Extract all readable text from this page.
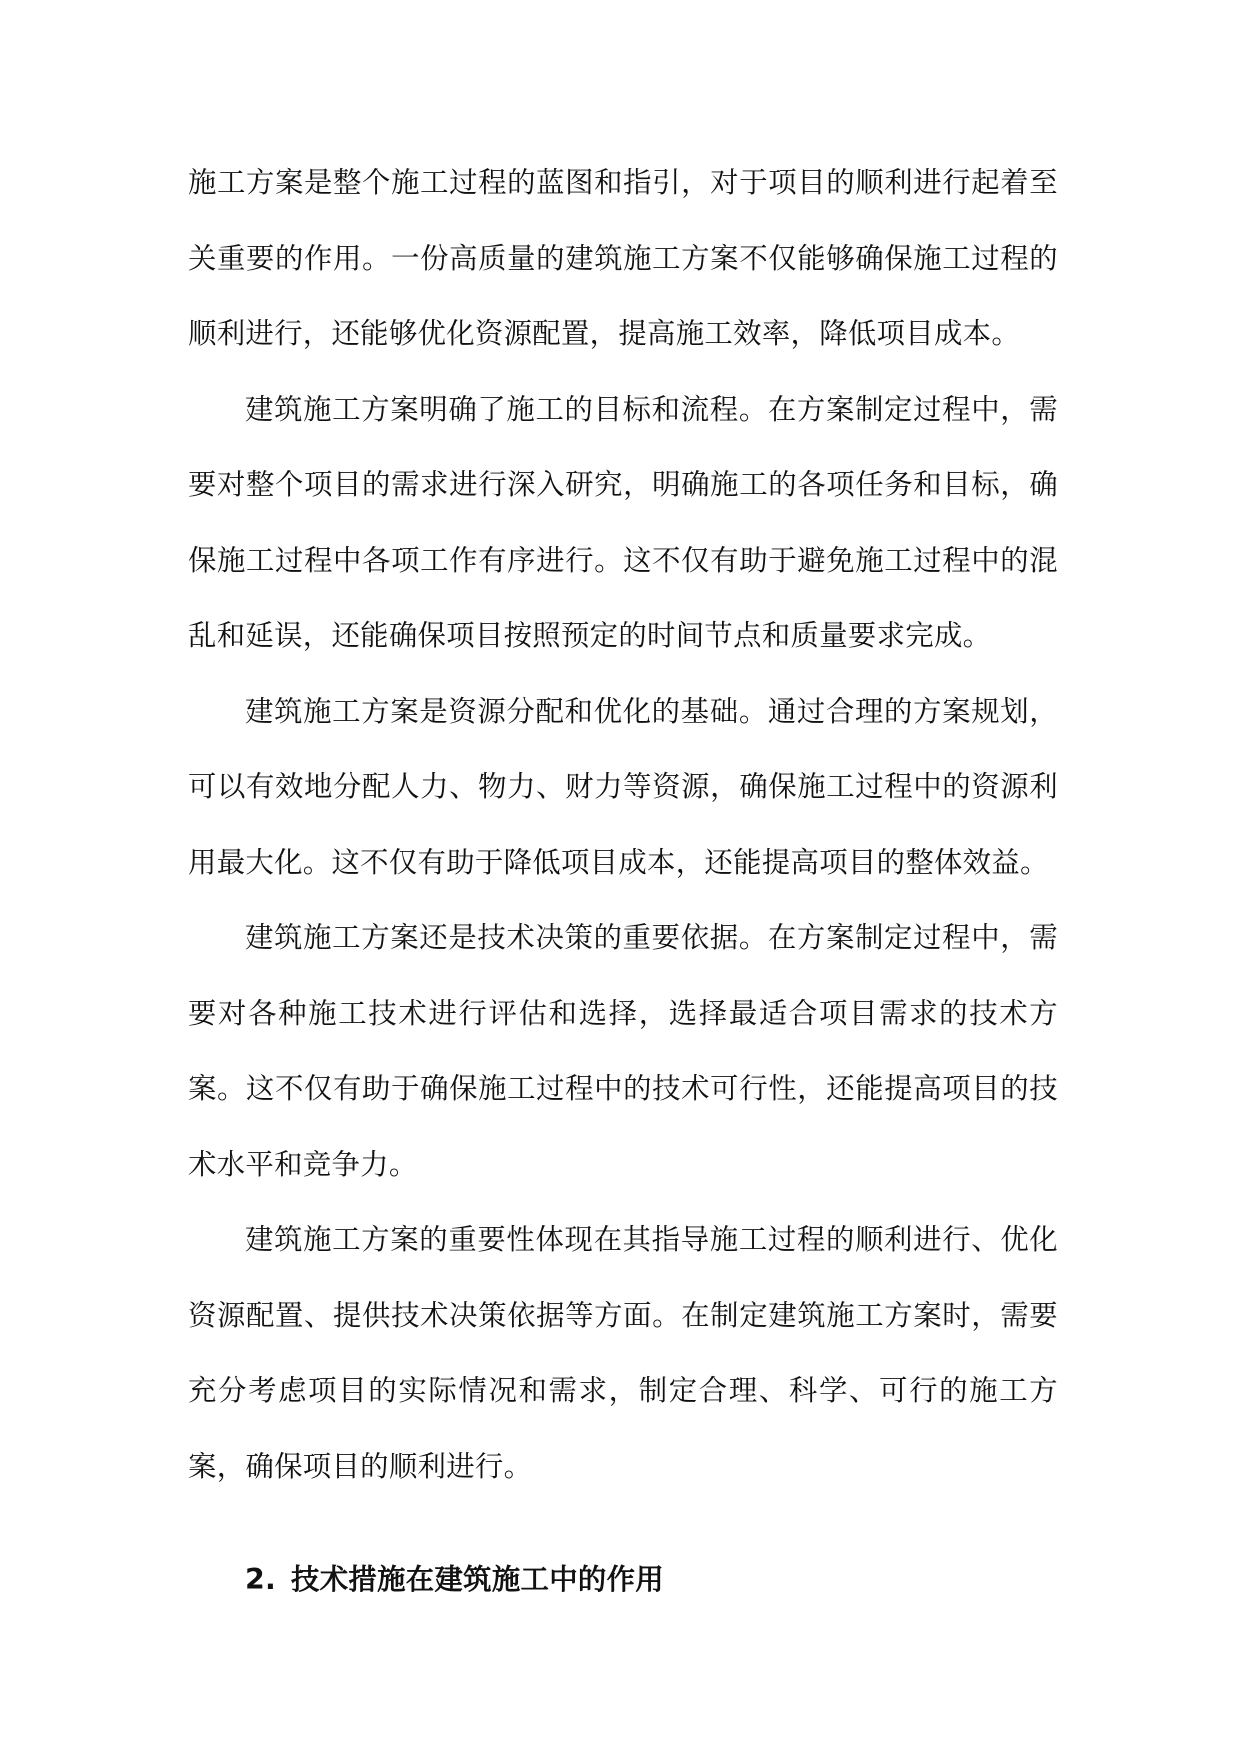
施工方案是整个施工过程的蓝图和指引，对于项目的顺利进行起着至关重要的作用。一份高质量的建筑施工方案不仅能够确保施工过程的顺利进行，还能够优化资源配置，提高施工效率，降低项目成本。

建筑施工方案明确了施工的目标和流程。在方案制定过程中，需要对整个项目的需求进行深入研究，明确施工的各项任务和目标，确保施工过程中各项工作有序进行。这不仅有助于避免施工过程中的混乱和延误，还能确保项目按照预定的时间节点和质量要求完成。

建筑施工方案是资源分配和优化的基础。通过合理的方案规划，可以有效地分配人力、物力、财力等资源，确保施工过程中的资源利用最大化。这不仅有助于降低项目成本，还能提高项目的整体效益。

建筑施工方案还是技术决策的重要依据。在方案制定过程中，需要对各种施工技术进行评估和选择，选择最适合项目需求的技术方案。这不仅有助于确保施工过程中的技术可行性，还能提高项目的技术水平和竞争力。

建筑施工方案的重要性体现在其指导施工过程的顺利进行、优化资源配置、提供技术决策依据等方面。在制定建筑施工方案时，需要充分考虑项目的实际情况和需求，制定合理、科学、可行的施工方案，确保项目的顺利进行。

2. 技术措施在建筑施工中的作用
